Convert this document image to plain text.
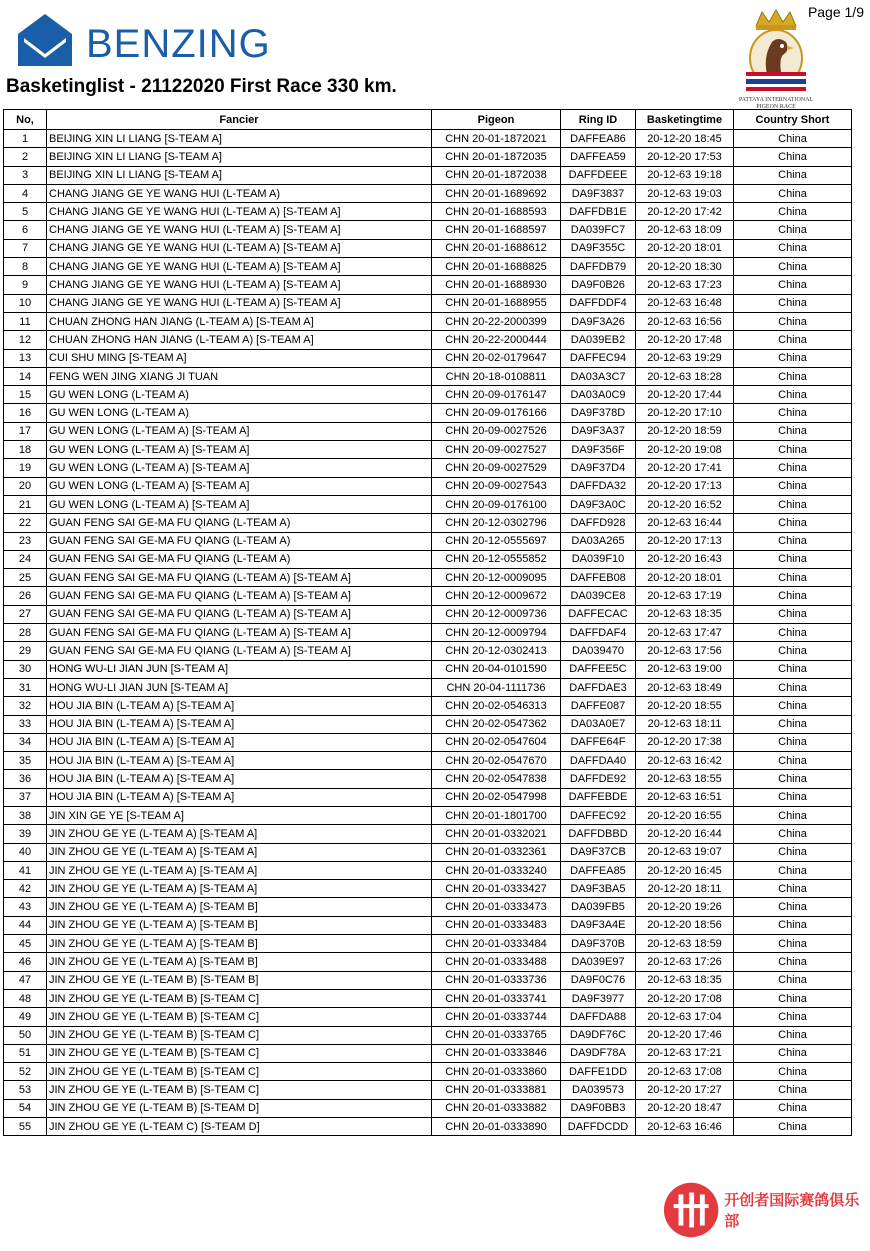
Page 1/9
BENZING
Basketinglist - 21122020 First Race 330 km.
PATTAYA INTERNATIONAL PIGEON RACE
No,	Fancier	Pigeon	Ring ID	Basketingtime	Country Short
1	BEIJING XIN LI LIANG [S-TEAM A]	CHN 20-01-1872021	DAFFEA86	20-12-20 18:45	China
2	BEIJING XIN LI LIANG [S-TEAM A]	CHN 20-01-1872035	DAFFEA59	20-12-20 17:53	China
3	BEIJING XIN LI LIANG [S-TEAM A]	CHN 20-01-1872038	DAFFDEEE	20-12-63 19:18	China
4	CHANG JIANG GE YE WANG HUI (L-TEAM A)	CHN 20-01-1689692	DA9F3837	20-12-63 19:03	China
5	CHANG JIANG GE YE WANG HUI (L-TEAM A) [S-TEAM A]	CHN 20-01-1688593	DAFFDB1E	20-12-20 17:42	China
6	CHANG JIANG GE YE WANG HUI (L-TEAM A) [S-TEAM A]	CHN 20-01-1688597	DA039FC7	20-12-63 18:09	China
7	CHANG JIANG GE YE WANG HUI (L-TEAM A) [S-TEAM A]	CHN 20-01-1688612	DA9F355C	20-12-20 18:01	China
8	CHANG JIANG GE YE WANG HUI (L-TEAM A) [S-TEAM A]	CHN 20-01-1688825	DAFFDB79	20-12-20 18:30	China
9	CHANG JIANG GE YE WANG HUI (L-TEAM A) [S-TEAM A]	CHN 20-01-1688930	DA9F0B26	20-12-63 17:23	China
10	CHANG JIANG GE YE WANG HUI (L-TEAM A) [S-TEAM A]	CHN 20-01-1688955	DAFFDDF4	20-12-63 16:48	China
11	CHUAN ZHONG HAN JIANG (L-TEAM A) [S-TEAM A]	CHN 20-22-2000399	DA9F3A26	20-12-63 16:56	China
12	CHUAN ZHONG HAN JIANG (L-TEAM A) [S-TEAM A]	CHN 20-22-2000444	DA039EB2	20-12-20 17:48	China
13	CUI SHU MING [S-TEAM A]	CHN 20-02-0179647	DAFFEC94	20-12-63 19:29	China
14	FENG WEN JING XIANG JI TUAN	CHN 20-18-0108811	DA03A3C7	20-12-63 18:28	China
15	GU WEN LONG (L-TEAM A)	CHN 20-09-0176147	DA03A0C9	20-12-20 17:44	China
16	GU WEN LONG (L-TEAM A)	CHN 20-09-0176166	DA9F378D	20-12-20 17:10	China
17	GU WEN LONG (L-TEAM A) [S-TEAM A]	CHN 20-09-0027526	DA9F3A37	20-12-20 18:59	China
18	GU WEN LONG (L-TEAM A) [S-TEAM A]	CHN 20-09-0027527	DA9F356F	20-12-20 19:08	China
19	GU WEN LONG (L-TEAM A) [S-TEAM A]	CHN 20-09-0027529	DA9F37D4	20-12-20 17:41	China
20	GU WEN LONG (L-TEAM A) [S-TEAM A]	CHN 20-09-0027543	DAFFDA32	20-12-20 17:13	China
21	GU WEN LONG (L-TEAM A) [S-TEAM A]	CHN 20-09-0176100	DA9F3A0C	20-12-20 16:52	China
22	GUAN FENG SAI GE-MA FU QIANG (L-TEAM A)	CHN 20-12-0302796	DAFFD928	20-12-63 16:44	China
23	GUAN FENG SAI GE-MA FU QIANG (L-TEAM A)	CHN 20-12-0555697	DA03A265	20-12-20 17:13	China
24	GUAN FENG SAI GE-MA FU QIANG (L-TEAM A)	CHN 20-12-0555852	DA039F10	20-12-20 16:43	China
25	GUAN FENG SAI GE-MA FU QIANG (L-TEAM A) [S-TEAM A]	CHN 20-12-0009095	DAFFEB08	20-12-20 18:01	China
26	GUAN FENG SAI GE-MA FU QIANG (L-TEAM A) [S-TEAM A]	CHN 20-12-0009672	DA039CE8	20-12-63 17:19	China
27	GUAN FENG SAI GE-MA FU QIANG (L-TEAM A) [S-TEAM A]	CHN 20-12-0009736	DAFFECAC	20-12-63 18:35	China
28	GUAN FENG SAI GE-MA FU QIANG (L-TEAM A) [S-TEAM A]	CHN 20-12-0009794	DAFFDAF4	20-12-63 17:47	China
29	GUAN FENG SAI GE-MA FU QIANG (L-TEAM A) [S-TEAM A]	CHN 20-12-0302413	DA039470	20-12-63 17:56	China
30	HONG WU-LI JIAN JUN [S-TEAM A]	CHN 20-04-0101590	DAFFEE5C	20-12-63 19:00	China
31	HONG WU-LI JIAN JUN [S-TEAM A]	CHN 20-04-1111736	DAFFDAE3	20-12-63 18:49	China
32	HOU JIA BIN (L-TEAM A) [S-TEAM A]	CHN 20-02-0546313	DAFFE087	20-12-20 18:55	China
33	HOU JIA BIN (L-TEAM A) [S-TEAM A]	CHN 20-02-0547362	DA03A0E7	20-12-63 18:11	China
34	HOU JIA BIN (L-TEAM A) [S-TEAM A]	CHN 20-02-0547604	DAFFE64F	20-12-20 17:38	China
35	HOU JIA BIN (L-TEAM A) [S-TEAM A]	CHN 20-02-0547670	DAFFDA40	20-12-63 16:42	China
36	HOU JIA BIN (L-TEAM A) [S-TEAM A]	CHN 20-02-0547838	DAFFDE92	20-12-63 18:55	China
37	HOU JIA BIN (L-TEAM A) [S-TEAM A]	CHN 20-02-0547998	DAFFEBDE	20-12-63 16:51	China
38	JIN XIN GE YE [S-TEAM A]	CHN 20-01-1801700	DAFFEC92	20-12-20 16:55	China
39	JIN ZHOU GE YE (L-TEAM A) [S-TEAM A]	CHN 20-01-0332021	DAFFDBBD	20-12-20 16:44	China
40	JIN ZHOU GE YE (L-TEAM A) [S-TEAM A]	CHN 20-01-0332361	DA9F37CB	20-12-63 19:07	China
41	JIN ZHOU GE YE (L-TEAM A) [S-TEAM A]	CHN 20-01-0333240	DAFFEA85	20-12-20 16:45	China
42	JIN ZHOU GE YE (L-TEAM A) [S-TEAM A]	CHN 20-01-0333427	DA9F3BA5	20-12-20 18:11	China
43	JIN ZHOU GE YE (L-TEAM A) [S-TEAM B]	CHN 20-01-0333473	DA039FB5	20-12-20 19:26	China
44	JIN ZHOU GE YE (L-TEAM A) [S-TEAM B]	CHN 20-01-0333483	DA9F3A4E	20-12-20 18:56	China
45	JIN ZHOU GE YE (L-TEAM A) [S-TEAM B]	CHN 20-01-0333484	DA9F370B	20-12-63 18:59	China
46	JIN ZHOU GE YE (L-TEAM A) [S-TEAM B]	CHN 20-01-0333488	DA039E97	20-12-63 17:26	China
47	JIN ZHOU GE YE (L-TEAM B) [S-TEAM B]	CHN 20-01-0333736	DA9F0C76	20-12-63 18:35	China
48	JIN ZHOU GE YE (L-TEAM B) [S-TEAM C]	CHN 20-01-0333741	DA9F3977	20-12-20 17:08	China
49	JIN ZHOU GE YE (L-TEAM B) [S-TEAM C]	CHN 20-01-0333744	DAFFDA88	20-12-63 17:04	China
50	JIN ZHOU GE YE (L-TEAM B) [S-TEAM C]	CHN 20-01-0333765	DA9DF76C	20-12-20 17:46	China
51	JIN ZHOU GE YE (L-TEAM B) [S-TEAM C]	CHN 20-01-0333846	DA9DF78A	20-12-63 17:21	China
52	JIN ZHOU GE YE (L-TEAM B) [S-TEAM C]	CHN 20-01-0333860	DAFFE1DD	20-12-63 17:08	China
53	JIN ZHOU GE YE (L-TEAM B) [S-TEAM C]	CHN 20-01-0333881	DA039573	20-12-20 17:27	China
54	JIN ZHOU GE YE (L-TEAM B) [S-TEAM D]	CHN 20-01-0333882	DA9F0BB3	20-12-20 18:47	China
55	JIN ZHOU GE YE (L-TEAM C) [S-TEAM D]	CHN 20-01-0333890	DAFFDCDD	20-12-63 16:46	China
开创者国际赛鸽俱乐部
